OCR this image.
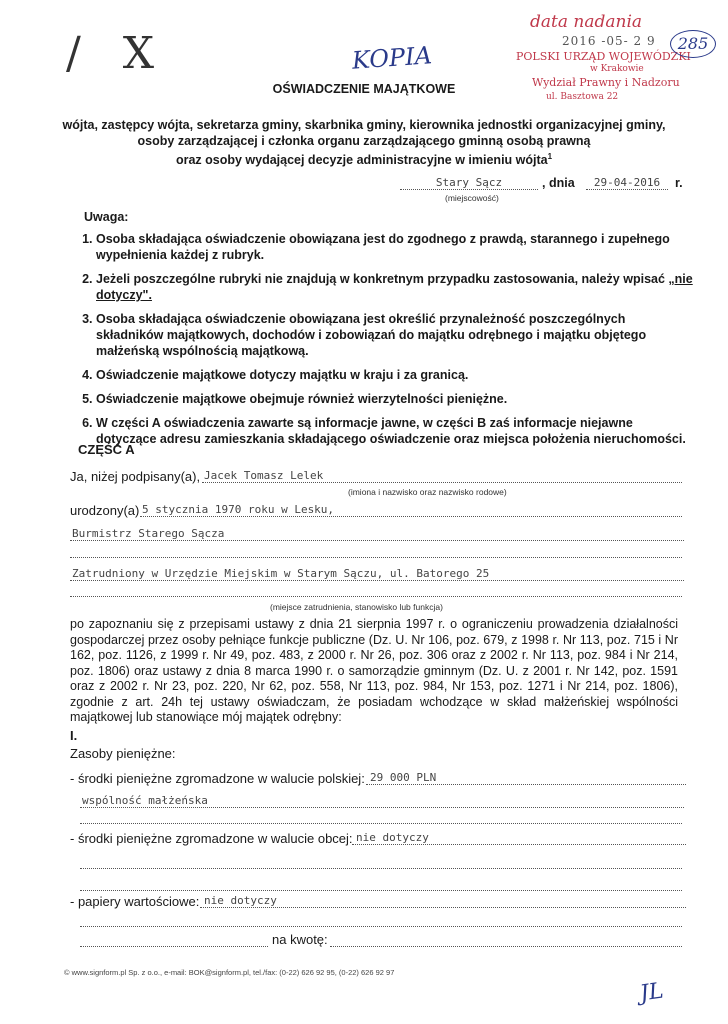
/ X	KOPIA
data nadania
2016 -05- 2 9
POLSKI URZĄD WOJEWÓDZKI
w Krakowie
Wydział Prawny i Nadzoru
ul. Basztowa 22
285
OŚWIADCZENIE MAJĄTKOWE
wójta, zastępcy wójta, sekretarza gminy, skarbnika gminy, kierownika jednostki organizacyjnej gminy,
osoby zarządzającej i członka organu zarządzającego gminną osobą prawną
oraz osoby wydającej decyzje administracyjne w imieniu wójta$^1$
Stary Sącz	, dnia	29-04-2016	r.
(miejscowość)
Uwaga:
1. Osoba składająca oświadczenie obowiązana jest do zgodnego z prawdą, starannego i zupełnego wypełnienia każdej z rubryk.
2. Jeżeli poszczególne rubryki nie znajdują w konkretnym przypadku zastosowania, należy wpisać „nie dotyczy".
3. Osoba składająca oświadczenie obowiązana jest określić przynależność poszczególnych składników majątkowych, dochodów i zobowiązań do majątku odrębnego i majątku objętego małżeńską wspólnością majątkową.
4. Oświadczenie majątkowe dotyczy majątku w kraju i za granicą.
5. Oświadczenie majątkowe obejmuje również wierzytelności pieniężne.
6. W części A oświadczenia zawarte są informacje jawne, w części B zaś informacje niejawne dotyczące adresu zamieszkania składającego oświadczenie oraz miejsca położenia nieruchomości.
CZĘŚĆ A
Ja, niżej podpisany(a), Jacek Tomasz Lelek
(imiona i nazwisko oraz nazwisko rodowe)
urodzony(a) 5 stycznia 1970 roku w Lesku,
Burmistrz Starego Sącza
Zatrudniony w Urzędzie Miejskim w Starym Sączu, ul. Batorego 25
(miejsce zatrudnienia, stanowisko lub funkcja)
po zapoznaniu się z przepisami ustawy z dnia 21 sierpnia 1997 r. o ograniczeniu prowadzenia działalności gospodarczej przez osoby pełniące funkcje publiczne (Dz. U. Nr 106, poz. 679, z 1998 r. Nr 113, poz. 715 i Nr 162, poz. 1126, z 1999 r. Nr 49, poz. 483, z 2000 r. Nr 26, poz. 306 oraz z 2002 r. Nr 113, poz. 984 i Nr 214, poz. 1806) oraz ustawy z dnia 8 marca 1990 r. o samorządzie gminnym (Dz. U. z 2001 r. Nr 142, poz. 1591 oraz z 2002 r. Nr 23, poz. 220, Nr 62, poz. 558, Nr 113, poz. 984, Nr 153, poz. 1271 i Nr 214, poz. 1806), zgodnie z art. 24h tej ustawy oświadczam, że posiadam wchodzące w skład małżeńskiej wspólności majątkowej lub stanowiące mój majątek odrębny:
I.
Zasoby pieniężne:
- środki pieniężne zgromadzone w walucie polskiej: 29 000 PLN
wspólność małżeńska
- środki pieniężne zgromadzone w walucie obcej: nie dotyczy
- papiery wartościowe: nie dotyczy
na kwotę:
© www.signform.pl Sp. z o.o., e-mail: BOK@signform.pl, tel./fax: (0-22) 626 92 95, (0-22) 626 92 97
JL
